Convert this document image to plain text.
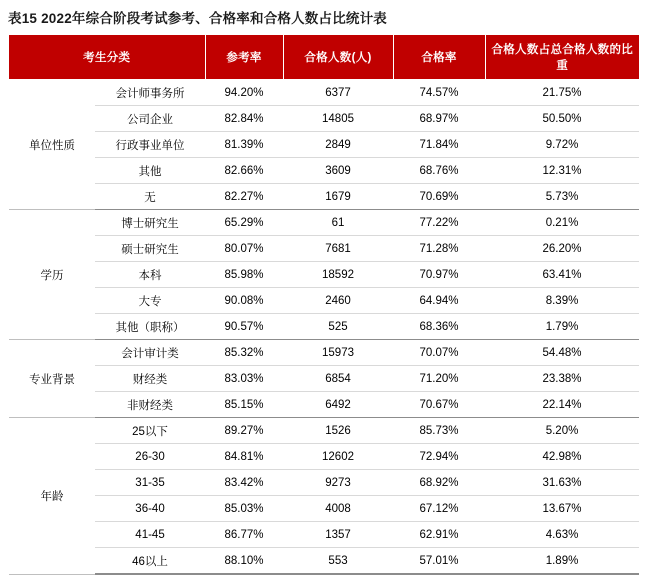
表15 2022年综合阶段考试参考、合格率和合格人数占比统计表
考生分类		参考率	合格人数(人)	合格率	合格人数占总合格人数的比重
单位性质	会计师事务所	94.20%	6377	74.57%	21.75%
	公司企业	82.84%	14805	68.97%	50.50%
	行政事业单位	81.39%	2849	71.84%	9.72%
	其他	82.66%	3609	68.76%	12.31%
	无	82.27%	1679	70.69%	5.73%
学历	博士研究生	65.29%	61	77.22%	0.21%
	硕士研究生	80.07%	7681	71.28%	26.20%
	本科	85.98%	18592	70.97%	63.41%
	大专	90.08%	2460	64.94%	8.39%
	其他（职称）	90.57%	525	68.36%	1.79%
专业背景	会计审计类	85.32%	15973	70.07%	54.48%
	财经类	83.03%	6854	71.20%	23.38%
	非财经类	85.15%	6492	70.67%	22.14%
年龄	25以下	89.27%	1526	85.73%	5.20%
	26-30	84.81%	12602	72.94%	42.98%
	31-35	83.42%	9273	68.92%	31.63%
	36-40	85.03%	4008	67.12%	13.67%
	41-45	86.77%	1357	62.91%	4.63%
	46以上	88.10%	553	57.01%	1.89%
